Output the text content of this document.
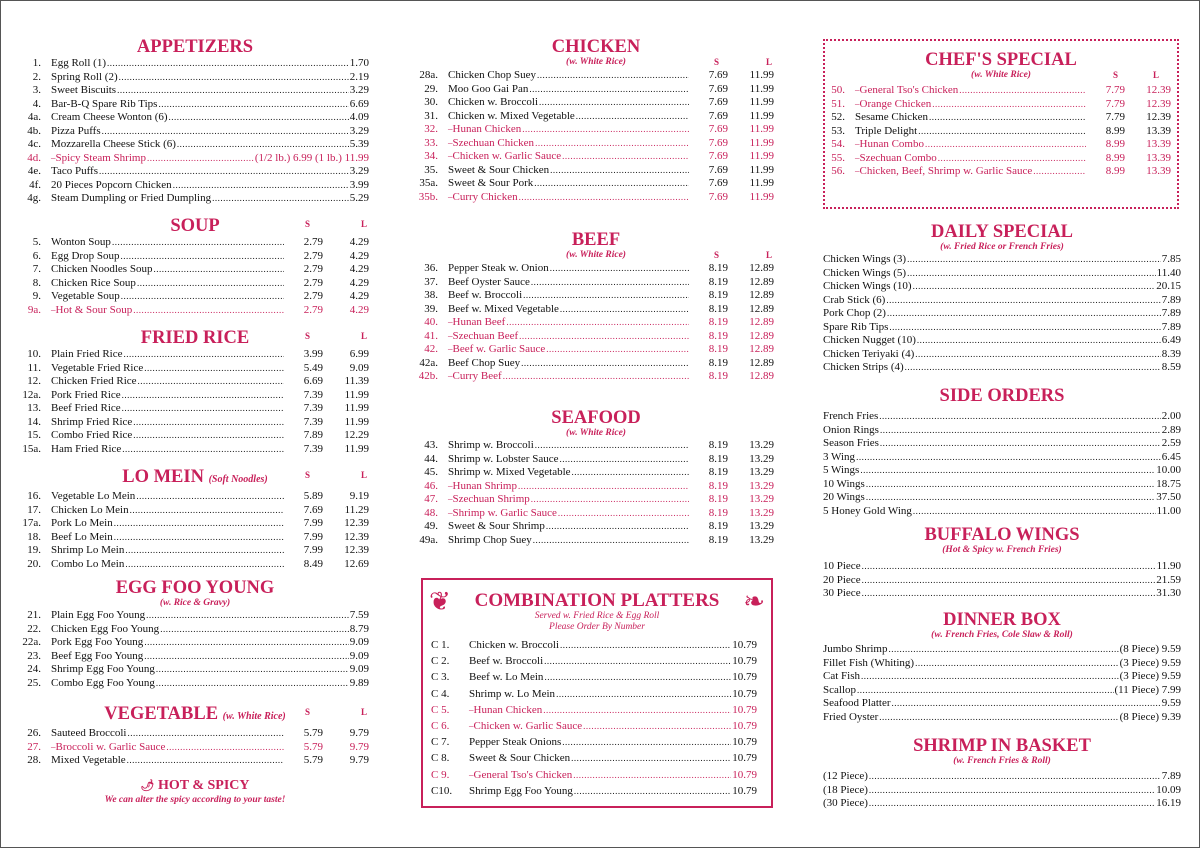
APPETIZERS
1. Egg Roll (1) .....	1.70
2. Spring Roll (2) .....	2.19
3. Sweet Biscuits .....	3.29
4. Bar-B-Q Spare Rib Tips .....	6.69
4a. Cream Cheese Wonton (6) .....	4.09
4b. Pizza Puffs .....	3.29
4c. Mozzarella Cheese Stick (6) .....	5.39
4d. ‒ Spicy Steam Shrimp .....	(1/2 lb.) 6.99 (1 lb.) 11.99
4e. Taco Puffs .....	3.29
4f. 20 Pieces Popcorn Chicken .....	3.99
4g. Steam Dumpling or Fried Dumpling .....	5.29
SOUP	S	L
5. Wonton Soup .....	2.79	4.29
6. Egg Drop Soup .....	2.79	4.29
7. Chicken Noodles Soup .....	2.79	4.29
8. Chicken Rice Soup .....	2.79	4.29
9. Vegetable Soup .....	2.79	4.29
9a. ‒ Hot & Sour Soup .....	2.79	4.29
FRIED RICE	S	L
10. Plain Fried Rice .....	3.99	6.99
11. Vegetable Fried Rice .....	5.49	9.09
12. Chicken Fried Rice .....	6.69	11.39
12a. Pork Fried Rice .....	7.39	11.99
13. Beef Fried Rice .....	7.39	11.99
14. Shrimp Fried Rice .....	7.39	11.99
15. Combo Fried Rice .....	7.89	12.29
15a. Ham Fried Rice .....	7.39	11.99
LO MEIN (Soft Noodles)	S	L
16. Vegetable Lo Mein .....	5.89	9.19
17. Chicken Lo Mein .....	7.69	11.29
17a. Pork Lo Mein .....	7.99	12.39
18. Beef Lo Mein .....	7.99	12.39
19. Shrimp Lo Mein .....	7.99	12.39
20. Combo Lo Mein .....	8.49	12.69
EGG FOO YOUNG
(w. Rice & Gravy)
21. Plain Egg Foo Young .....	7.59
22. Chicken Egg Foo Young .....	8.79
22a. Pork Egg Foo Young .....	9.09
23. Beef Egg Foo Young .....	9.09
24. Shrimp Egg Foo Young .....	9.09
25. Combo Egg Foo Young .....	9.89
VEGETABLE (w. White Rice)	S	L
26. Sauteed Broccoli .....	5.79	9.79
27. ‒ Broccoli w. Garlic Sauce .....	5.79	9.79
28. Mixed Vegetable .....	5.79	9.79
🌶 HOT & SPICY
We can alter the spicy according to your taste!
CHICKEN
(w. White Rice)	S	L
28a. Chicken Chop Suey .....	7.69	11.99
29. Moo Goo Gai Pan .....	7.69	11.99
30. Chicken w. Broccoli .....	7.69	11.99
31. Chicken w. Mixed Vegetable .....	7.69	11.99
32. ‒ Hunan Chicken .....	7.69	11.99
33. ‒ Szechuan Chicken .....	7.69	11.99
34. ‒ Chicken w. Garlic Sauce .....	7.69	11.99
35. Sweet & Sour Chicken .....	7.69	11.99
35a. Sweet & Sour Pork .....	7.69	11.99
35b. ‒ Curry Chicken .....	7.69	11.99
BEEF
(w. White Rice)	S	L
36. Pepper Steak w. Onion .....	8.19	12.89
37. Beef Oyster Sauce .....	8.19	12.89
38. Beef w. Broccoli .....	8.19	12.89
39. Beef w. Mixed Vegetable .....	8.19	12.89
40. ‒ Hunan Beef .....	8.19	12.89
41. ‒ Szechuan Beef .....	8.19	12.89
42. ‒ Beef w. Garlic Sauce .....	8.19	12.89
42a. Beef Chop Suey .....	8.19	12.89
42b. ‒ Curry Beef .....	8.19	12.89
SEAFOOD
(w. White Rice)
43. Shrimp w. Broccoli .....	8.19	13.29
44. Shrimp w. Lobster Sauce .....	8.19	13.29
45. Shrimp w. Mixed Vegetable .....	8.19	13.29
46. ‒ Hunan Shrimp .....	8.19	13.29
47. ‒ Szechuan Shrimp .....	8.19	13.29
48. ‒ Shrimp w. Garlic Sauce .....	8.19	13.29
49. Sweet & Sour Shrimp .....	8.19	13.29
49a. Shrimp Chop Suey .....	8.19	13.29
❦	❧
COMBINATION PLATTERS
Served w. Fried Rice & Egg Roll
Please Order By Number
C 1.	Chicken w. Broccoli .....	10.79
C 2.	Beef w. Broccoli .....	10.79
C 3.	Beef w. Lo Mein .....	10.79
C 4.	Shrimp w. Lo Mein .....	10.79
C 5.	‒ Hunan Chicken .....	10.79
C 6.	‒ Chicken w. Garlic Sauce .....	10.79
C 7.	Pepper Steak Onions .....	10.79
C 8.	Sweet & Sour Chicken .....	10.79
C 9.	‒ General Tso's Chicken .....	10.79
C10.	Shrimp Egg Foo Young .....	10.79
CHEF'S SPECIAL
(w. White Rice)	S	L
50. ‒ General Tso's Chicken .....	7.79	12.39
51. ‒ Orange Chicken .....	7.79	12.39
52. Sesame Chicken .....	7.79	12.39
53. Triple Delight .....	8.99	13.39
54. ‒ Hunan Combo .....	8.99	13.39
55. ‒ Szechuan Combo .....	8.99	13.39
56. ‒ Chicken, Beef, Shrimp w. Garlic Sauce .....	8.99	13.39
DAILY SPECIAL
(w. Fried Rice or French Fries)
Chicken Wings (3) .....	7.85
Chicken Wings (5) .....	11.40
Chicken Wings (10) .....	20.15
Crab Stick (6) .....	7.89
Pork Chop (2) .....	7.89
Spare Rib Tips .....	7.89
Chicken Nugget (10) .....	6.49
Chicken Teriyaki (4) .....	8.39
Chicken Strips (4) .....	8.59
SIDE ORDERS
French Fries .....	2.00
Onion Rings .....	2.89
Season Fries .....	2.59
3 Wing .....	6.45
5 Wings .....	10.00
10 Wings .....	18.75
20 Wings .....	37.50
5 Honey Gold Wing .....	11.00
BUFFALO WINGS
(Hot & Spicy w. French Fries)
10 Piece .....	11.90
20 Piece .....	21.59
30 Piece .....	31.30
DINNER BOX
(w. French Fries, Cole Slaw & Roll)
Jumbo Shrimp .....	(8 Piece) 9.59
Fillet Fish (Whiting) .....	(3 Piece) 9.59
Cat Fish .....	(3 Piece) 9.59
Scallop .....	(11 Piece) 7.99
Seafood Platter .....	9.59
Fried Oyster .....	(8 Piece) 9.39
SHRIMP IN BASKET
(w. French Fries & Roll)
(12 Piece) .....	7.89
(18 Piece) .....	10.09
(30 Piece) .....	16.19
